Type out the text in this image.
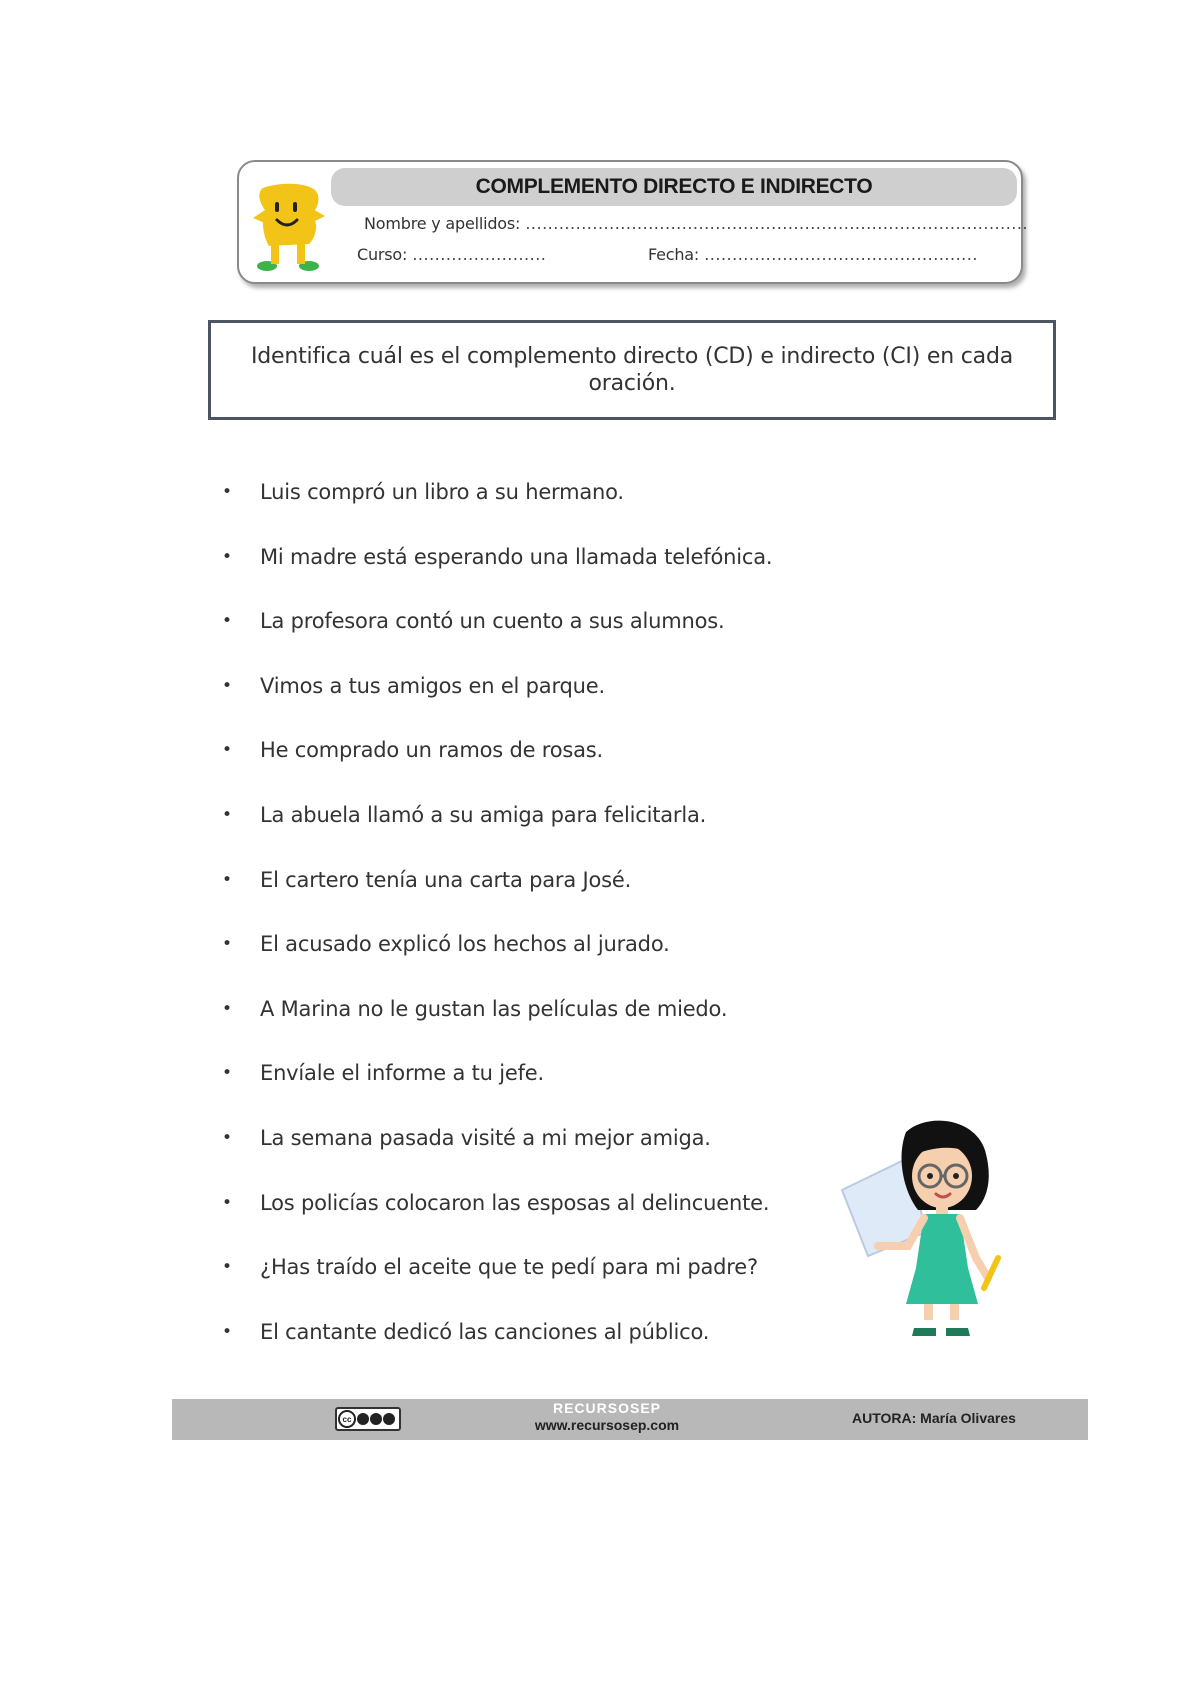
COMPLEMENTO DIRECTO E INDIRECTO
Nombre y apellidos: ..........................................................................................
Curso: ........................	Fecha: .................................................
Identifica cuál es el complemento directo (CD) e indirecto (CI) en cada oración.
•	Luis compró un libro a su hermano.
•	Mi madre está esperando una llamada telefónica.
•	La profesora contó un cuento a sus alumnos.
•	Vimos a tus amigos en el parque.
•	He comprado un ramos de rosas.
•	La abuela llamó a su amiga para felicitarla.
•	El cartero tenía una carta para José.
•	El acusado explicó los hechos al jurado.
•	A Marina no le gustan las películas de miedo.
•	Envíale el informe a tu jefe.
•	La semana pasada visité a mi mejor amiga.
•	Los policías colocaron las esposas al delincuente.
•	¿Has traído el aceite que te pedí para mi padre?
•	El cantante dedicó las canciones al público.
cc
RECURSOSEP
www.recursosep.com	AUTORA: María Olivares
